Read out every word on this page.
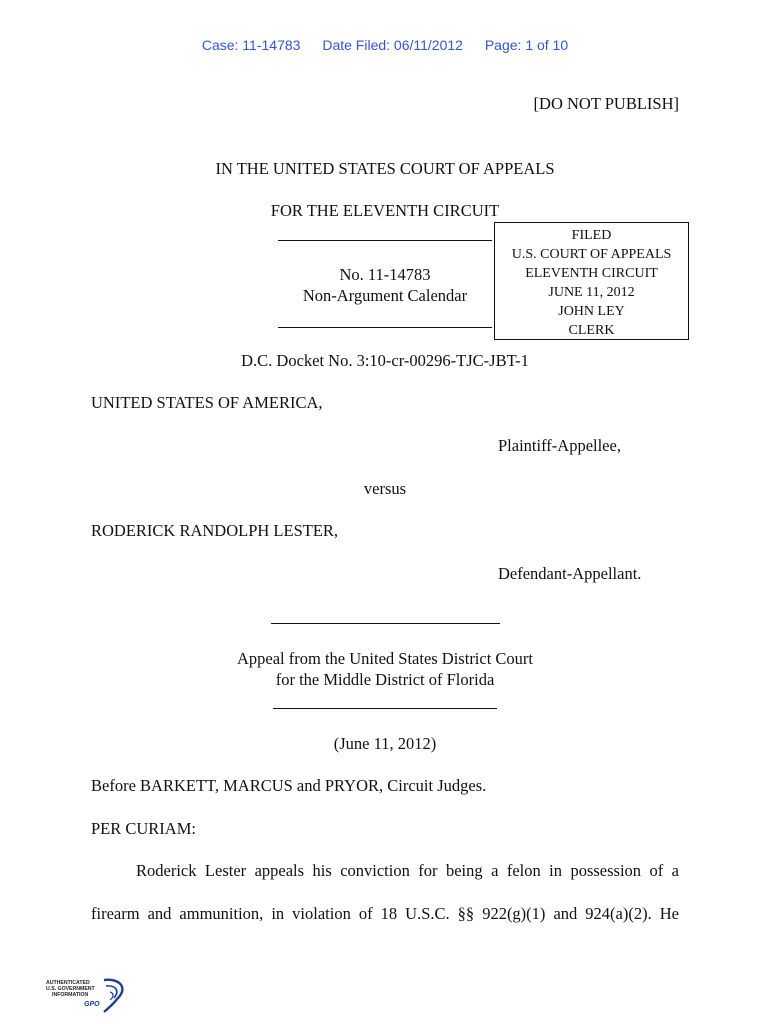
Case: 11-14783 Date Filed: 06/11/2012 Page: 1 of 10
[DO NOT PUBLISH]
IN THE UNITED STATES COURT OF APPEALS
FOR THE ELEVENTH CIRCUIT
No. 11-14783
Non-Argument Calendar
FILED
U.S. COURT OF APPEALS
ELEVENTH CIRCUIT
JUNE 11, 2012
JOHN LEY
CLERK
D.C. Docket No. 3:10-cr-00296-TJC-JBT-1
UNITED STATES OF AMERICA,
Plaintiff-Appellee,
versus
RODERICK RANDOLPH LESTER,
Defendant-Appellant.
Appeal from the United States District Court
for the Middle District of Florida
(June 11, 2012)
Before BARKETT, MARCUS and PRYOR, Circuit Judges.
PER CURIAM:
Roderick Lester appeals his conviction for being a felon in possession of a
firearm and ammunition, in violation of 18 U.S.C. §§ 922(g)(1) and 924(a)(2). He
AUTHENTICATED
U.S. GOVERNMENT
INFORMATION
GPO
